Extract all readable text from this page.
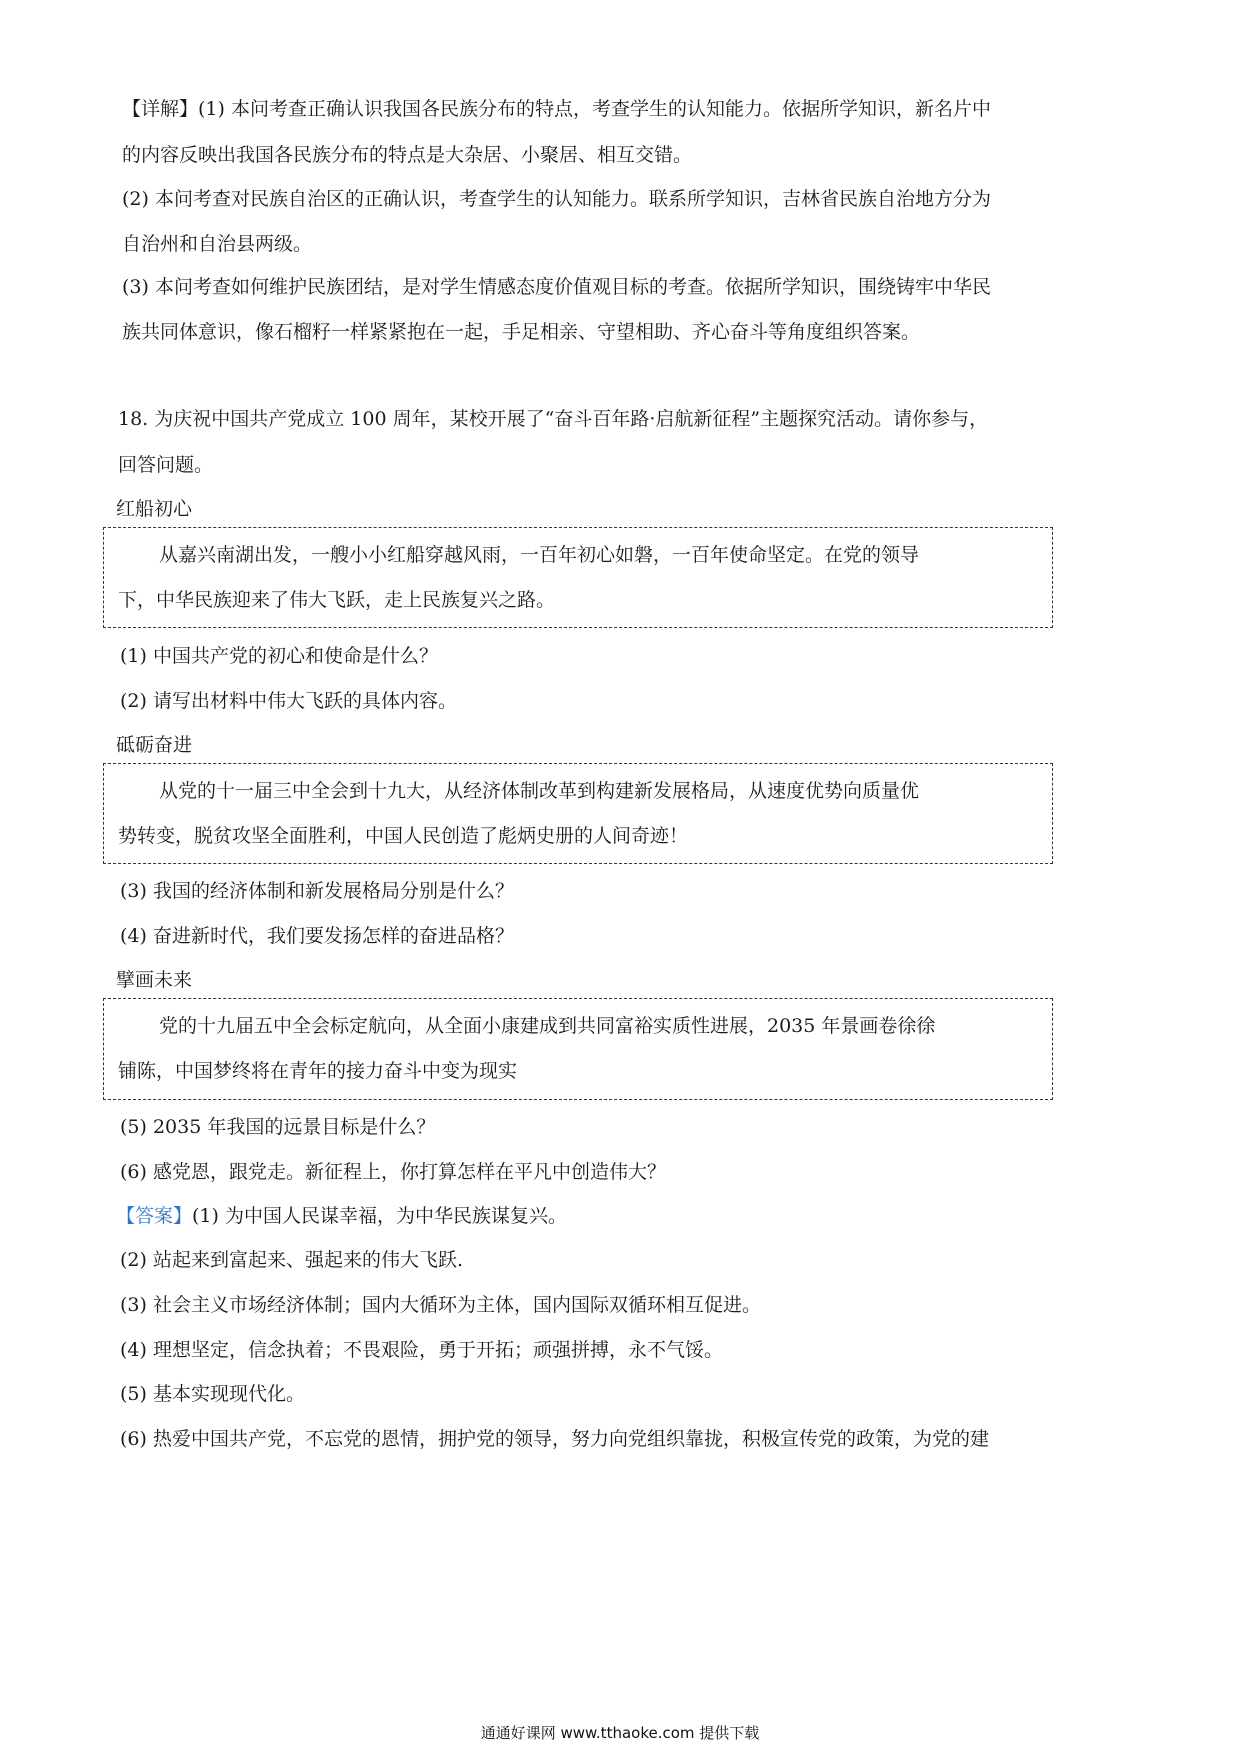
【详解】(1) 本问考查正确认识我国各民族分布的特点，考查学生的认知能力。依据所学知识，新名片中

的内容反映出我国各民族分布的特点是大杂居、小聚居、相互交错。

(2) 本问考查对民族自治区的正确认识，考查学生的认知能力。联系所学知识，吉林省民族自治地方分为

自治州和自治县两级。

(3) 本问考查如何维护民族团结，是对学生情感态度价值观目标的考查。依据所学知识，围绕铸牢中华民

族共同体意识，像石榴籽一样紧紧抱在一起，手足相亲、守望相助、齐心奋斗等角度组织答案。

18. 为庆祝中国共产党成立 100 周年，某校开展了“奋斗百年路·启航新征程”主题探究活动。请你参与，

回答问题。

红船初心

从嘉兴南湖出发，一艘小小红船穿越风雨，一百年初心如磐，一百年使命坚定。在党的领导

下，中华民族迎来了伟大飞跃，走上民族复兴之路。

(1) 中国共产党的初心和使命是什么？

(2) 请写出材料中伟大飞跃的具体内容。

砥砺奋进

从党的十一届三中全会到十九大，从经济体制改革到构建新发展格局，从速度优势向质量优

势转变，脱贫攻坚全面胜利，中国人民创造了彪炳史册的人间奇迹！

(3) 我国的经济体制和新发展格局分别是什么？

(4) 奋进新时代，我们要发扬怎样的奋进品格？

擘画未来

党的十九届五中全会标定航向，从全面小康建成到共同富裕实质性进展，2035 年景画卷徐徐

铺陈，中国梦终将在青年的接力奋斗中变为现实

(5) 2035 年我国的远景目标是什么？

(6) 感党恩，跟党走。新征程上，你打算怎样在平凡中创造伟大？

【答案】(1) 为中国人民谋幸福，为中华民族谋复兴。

(2) 站起来到富起来、强起来的伟大飞跃.

(3) 社会主义市场经济体制；国内大循环为主体，国内国际双循环相互促进。

(4) 理想坚定，信念执着；不畏艰险，勇于开拓；顽强拼搏，永不气馁。

(5) 基本实现现代化。

(6) 热爱中国共产党，不忘党的恩情，拥护党的领导，努力向党组织靠拢，积极宣传党的政策，为党的建

通通好课网 www.tthaoke.com 提供下载
